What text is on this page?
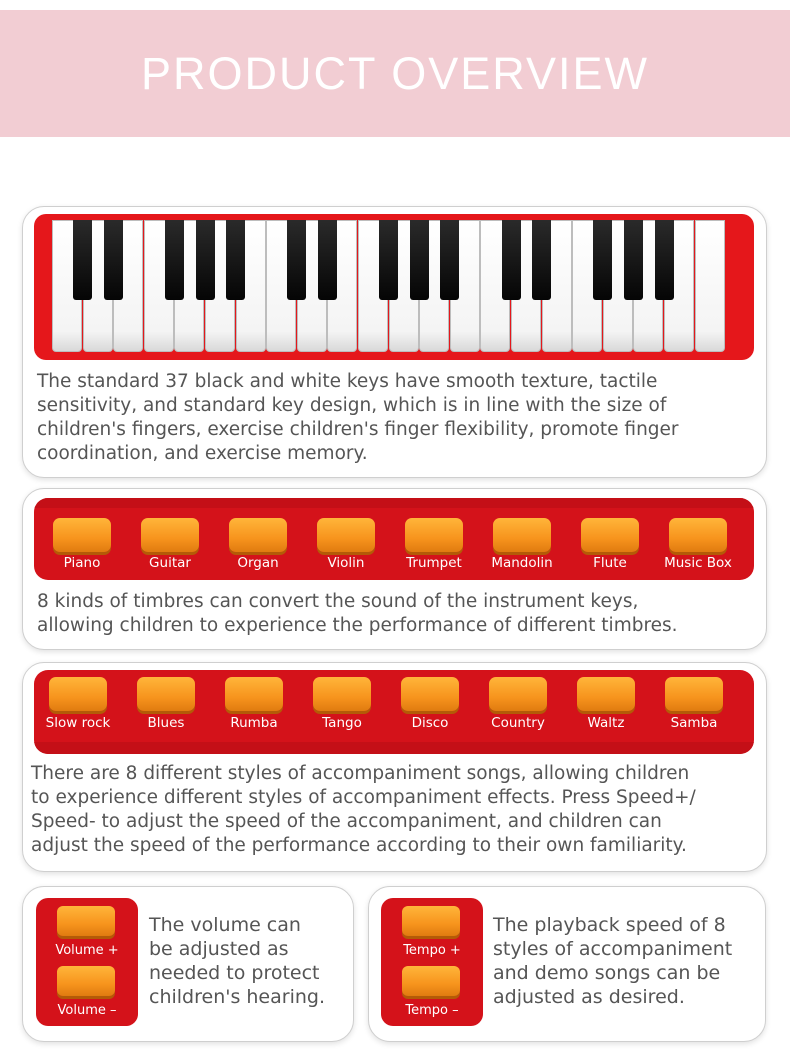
PRODUCT OVERVIEW
The standard 37 black and white keys have smooth texture, tactile
sensitivity, and standard key design, which is in line with the size of
children's fingers, exercise children's finger flexibility, promote finger
coordination, and exercise memory.
Piano	Guitar	Organ	Violin	Trumpet	Mandolin	Flute	Music Box
8 kinds of timbres can convert the sound of the instrument keys,
allowing children to experience the performance of different timbres.
Slow rock	Blues	Rumba	Tango	Disco	Country	Waltz	Samba
There are 8 different styles of accompaniment songs, allowing children
to experience different styles of accompaniment effects. Press Speed+/
Speed- to adjust the speed of the accompaniment, and children can
adjust the speed of the performance according to their own familiarity.
Volume +
Volume –
The volume can
be adjusted as
needed to protect
children's hearing.
Tempo +
Tempo –
The playback speed of 8
styles of accompaniment
and demo songs can be
adjusted as desired.
